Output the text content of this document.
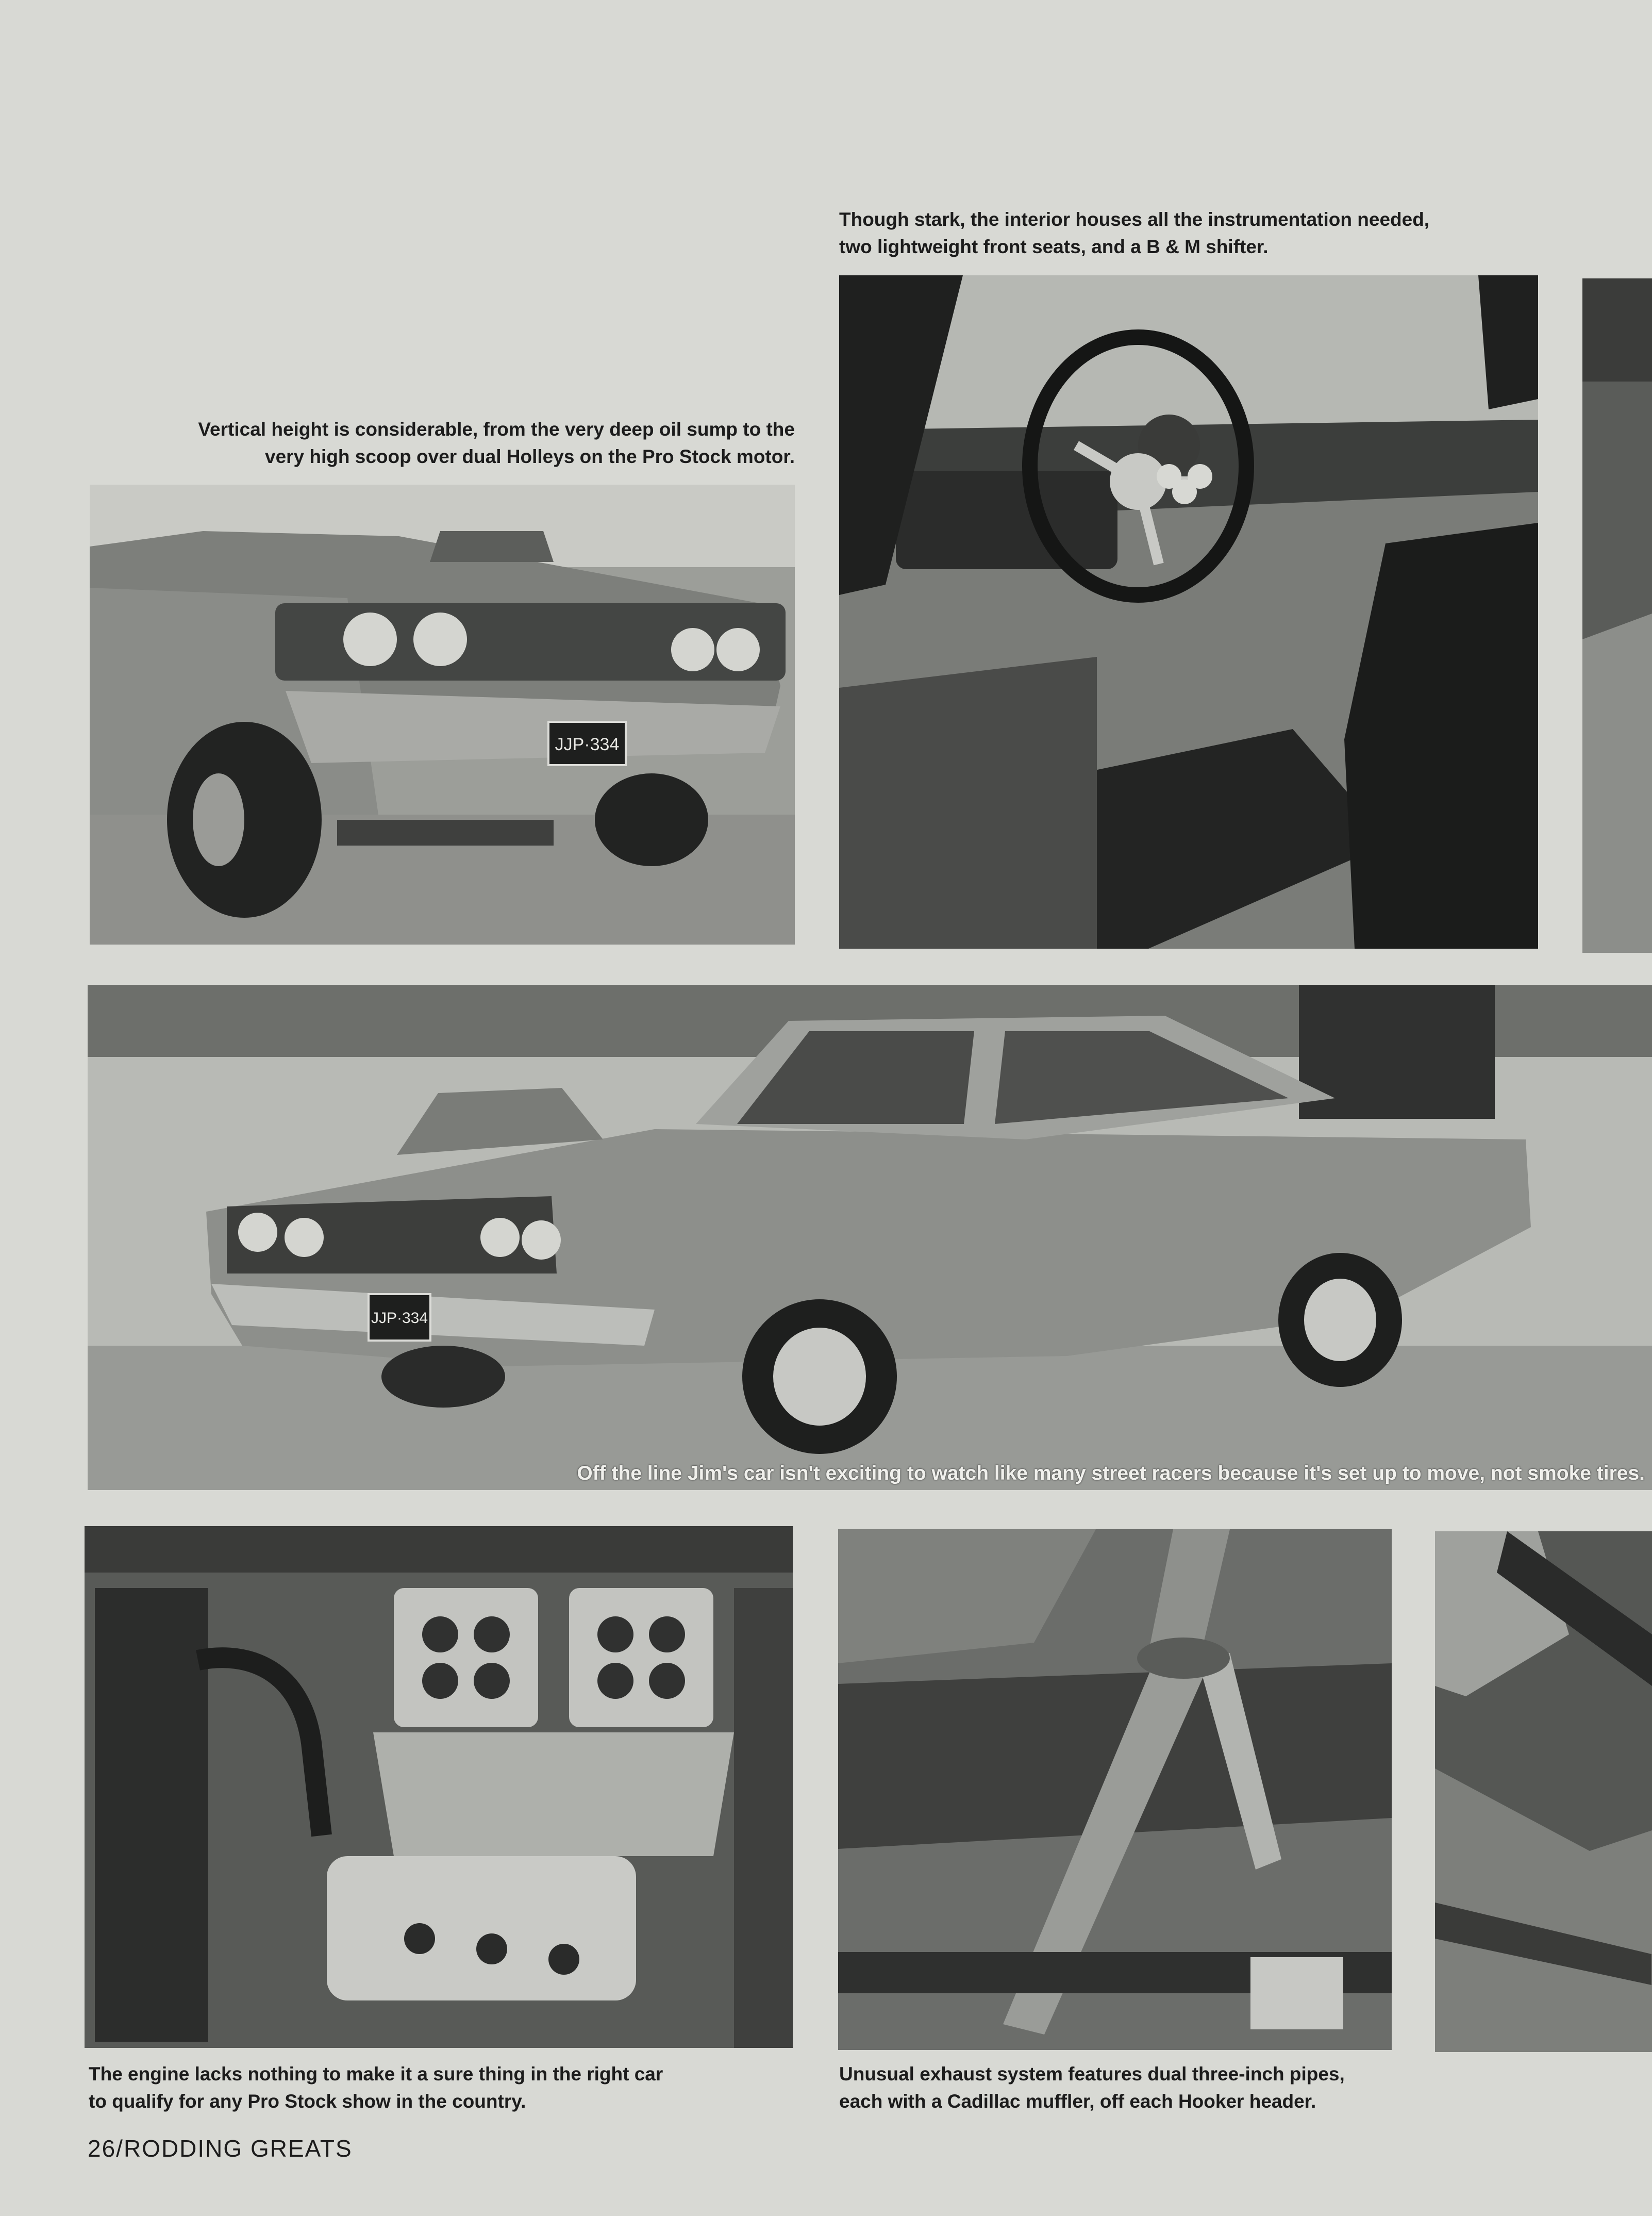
Though stark, the interior houses all the instrumentation needed,
two lightweight front seats, and a B & M shifter.
Vertical height is considerable, from the very deep oil sump to the
very high scoop over dual Holleys on the Pro Stock motor.
JJP·334
JJP·334
Off the line Jim's car isn't exciting to watch like many street racers because it's set up to move, not smoke tires.
The engine lacks nothing to make it a sure thing in the right car
to qualify for any Pro Stock show in the country.
Unusual exhaust system features dual three-inch pipes,
each with a Cadillac muffler, off each Hooker header.
26/RODDING GREATS
